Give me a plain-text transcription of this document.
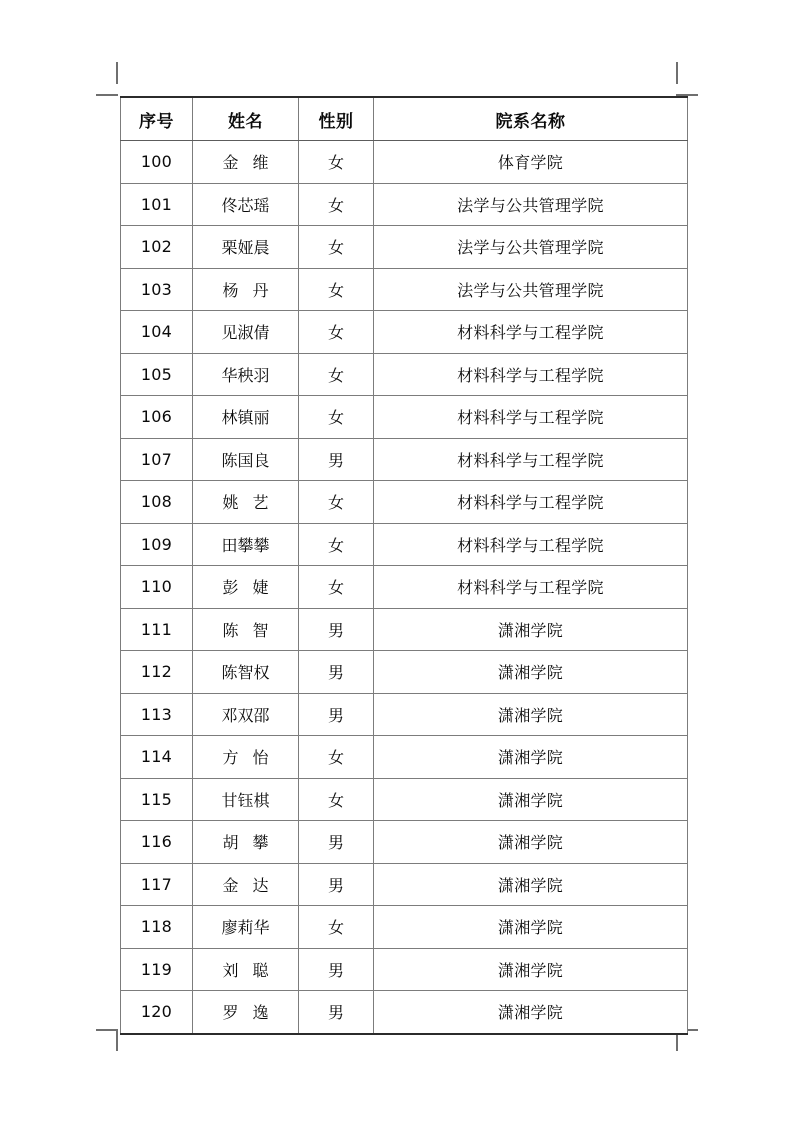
序号	姓名	性别	院系名称
100	金维	女	体育学院
101	佟芯瑶	女	法学与公共管理学院
102	栗娅晨	女	法学与公共管理学院
103	杨丹	女	法学与公共管理学院
104	见淑倩	女	材料科学与工程学院
105	华秧羽	女	材料科学与工程学院
106	林镇丽	女	材料科学与工程学院
107	陈国良	男	材料科学与工程学院
108	姚艺	女	材料科学与工程学院
109	田攀攀	女	材料科学与工程学院
110	彭婕	女	材料科学与工程学院
111	陈智	男	潇湘学院
112	陈智权	男	潇湘学院
113	邓双邵	男	潇湘学院
114	方怡	女	潇湘学院
115	甘钰棋	女	潇湘学院
116	胡攀	男	潇湘学院
117	金达	男	潇湘学院
118	廖莉华	女	潇湘学院
119	刘聪	男	潇湘学院
120	罗逸	男	潇湘学院
